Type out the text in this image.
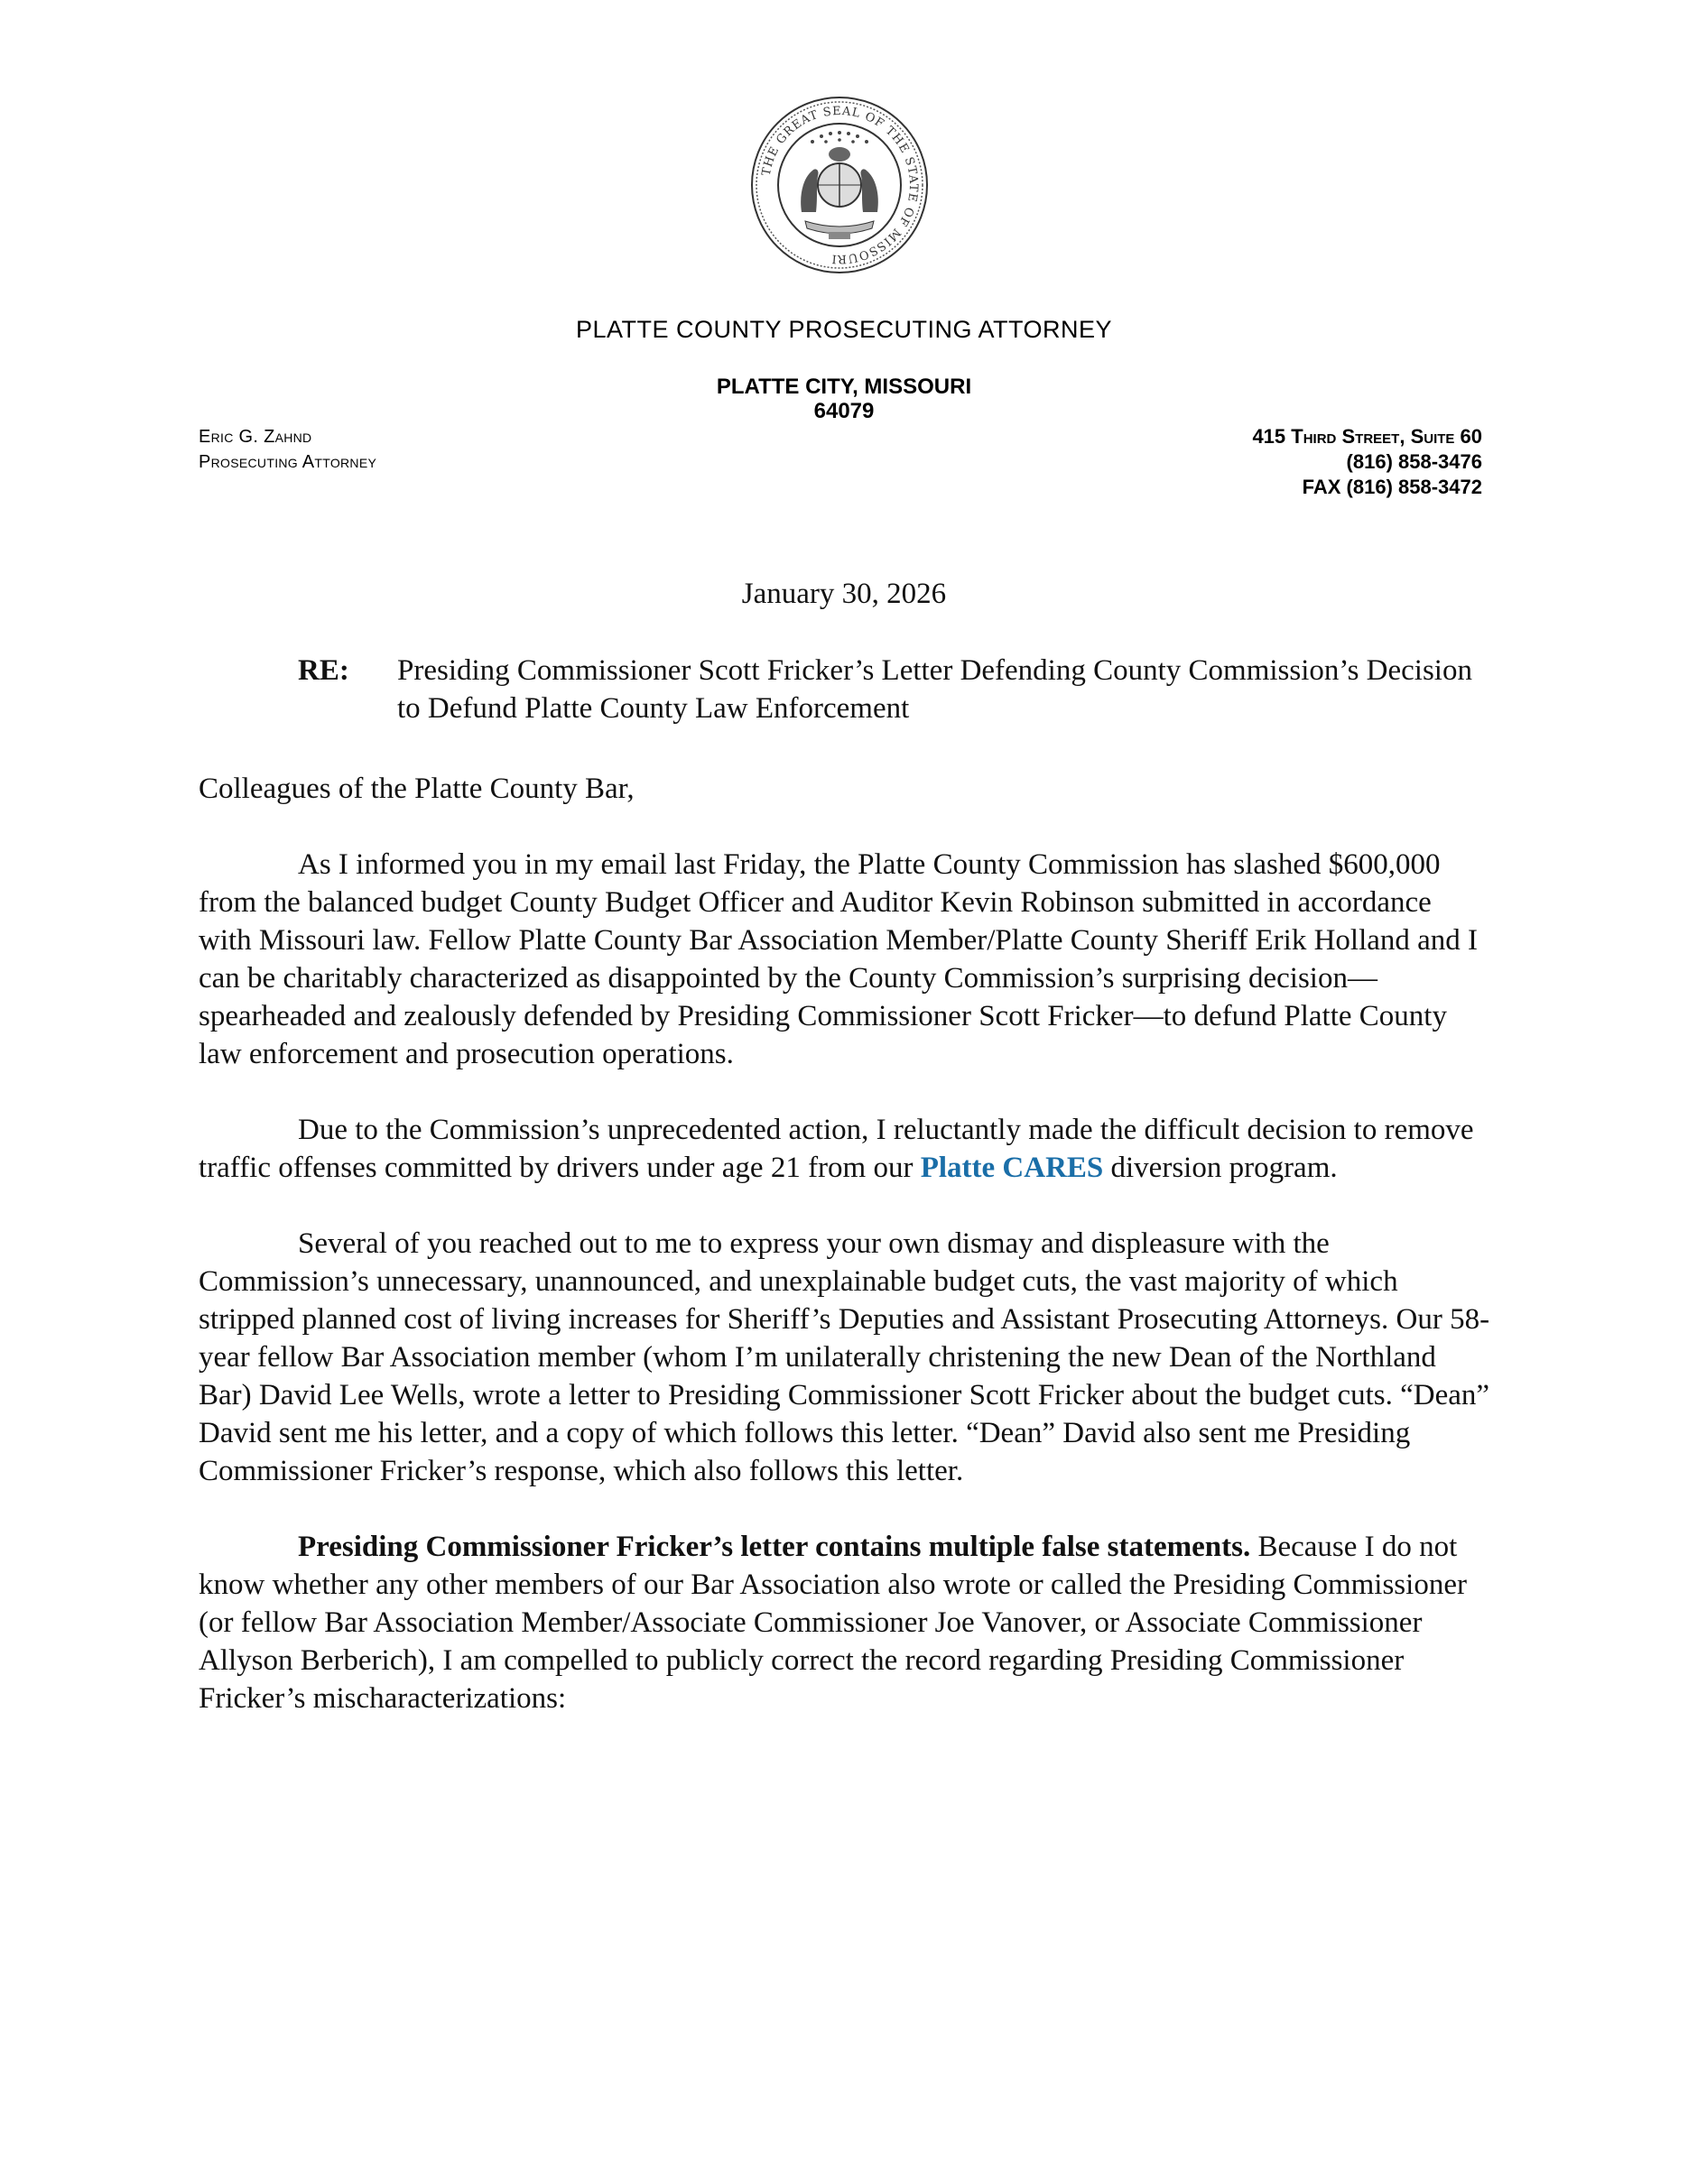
THE GREAT SEAL OF THE STATE OF MISSOURI
PLATTE COUNTY PROSECUTING ATTORNEY
PLATTE CITY, MISSOURI
64079
Eric G. Zahnd
Prosecuting Attorney
415 Third Street, Suite 60
(816) 858-3476
FAX (816) 858-3472
January 30, 2026
RE: Presiding Commissioner Scott Fricker’s Letter Defending County Commission’s Decision to Defund Platte County Law Enforcement

Colleagues of the Platte County Bar,

As I informed you in my email last Friday, the Platte County Commission has slashed $600,000 from the balanced budget County Budget Officer and Auditor Kevin Robinson submitted in accordance with Missouri law. Fellow Platte County Bar Association Member/Platte County Sheriff Erik Holland and I can be charitably characterized as disappointed by the County Commission’s surprising decision—spearheaded and zealously defended by Presiding Commissioner Scott Fricker—to defund Platte County law enforcement and prosecution operations.

Due to the Commission’s unprecedented action, I reluctantly made the difficult decision to remove traffic offenses committed by drivers under age 21 from our Platte CARES diversion program.

Several of you reached out to me to express your own dismay and displeasure with the Commission’s unnecessary, unannounced, and unexplainable budget cuts, the vast majority of which stripped planned cost of living increases for Sheriff’s Deputies and Assistant Prosecuting Attorneys. Our 58-year fellow Bar Association member (whom I’m unilaterally christening the new Dean of the Northland Bar) David Lee Wells, wrote a letter to Presiding Commissioner Scott Fricker about the budget cuts. “Dean” David sent me his letter, and a copy of which follows this letter. “Dean” David also sent me Presiding Commissioner Fricker’s response, which also follows this letter.

Presiding Commissioner Fricker’s letter contains multiple false statements. Because I do not know whether any other members of our Bar Association also wrote or called the Presiding Commissioner (or fellow Bar Association Member/Associate Commissioner Joe Vanover, or Associate Commissioner Allyson Berberich), I am compelled to publicly correct the record regarding Presiding Commissioner Fricker’s mischaracterizations:
